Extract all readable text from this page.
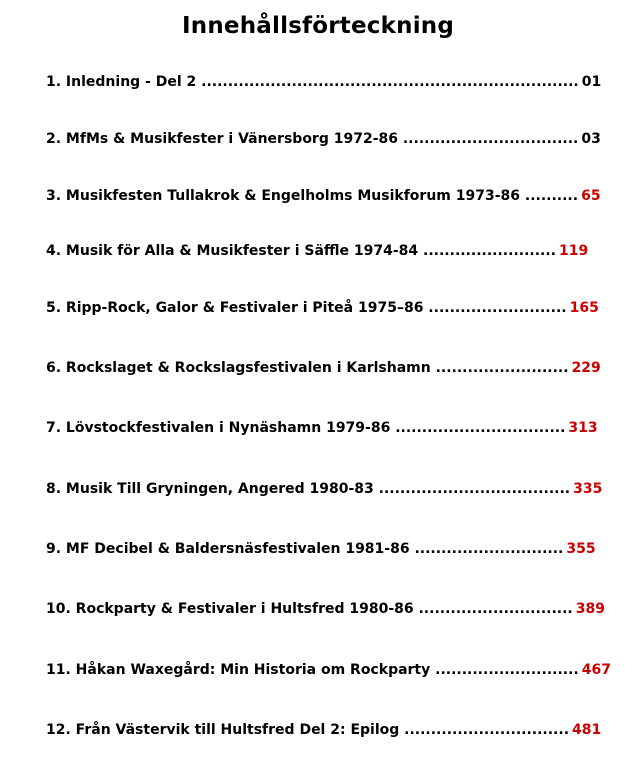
Innehållsförteckning
1. Inledning - Del 2 ....................................................................... 01
2. MfMs & Musikfester i Vänersborg 1972-86 ................................. 03
3. Musikfesten Tullakrok & Engelholms Musikforum 1973-86 .......... 65
4. Musik för Alla & Musikfester i Säffle 1974-84 ......................... 119
5. Ripp-Rock, Galor & Festivaler i Piteå 1975–86 .......................... 165
6. Rockslaget & Rockslagsfestivalen i Karlshamn ......................... 229
7. Lövstockfestivalen i Nynäshamn 1979-86 ................................ 313
8. Musik Till Gryningen, Angered 1980-83 .................................... 335
9. MF Decibel & Baldersnäsfestivalen 1981-86 ............................ 355
10. Rockparty & Festivaler i Hultsfred 1980-86 ............................. 389
11. Håkan Waxegård: Min Historia om Rockparty ........................... 467
12. Från Västervik till Hultsfred Del 2: Epilog ............................... 481
